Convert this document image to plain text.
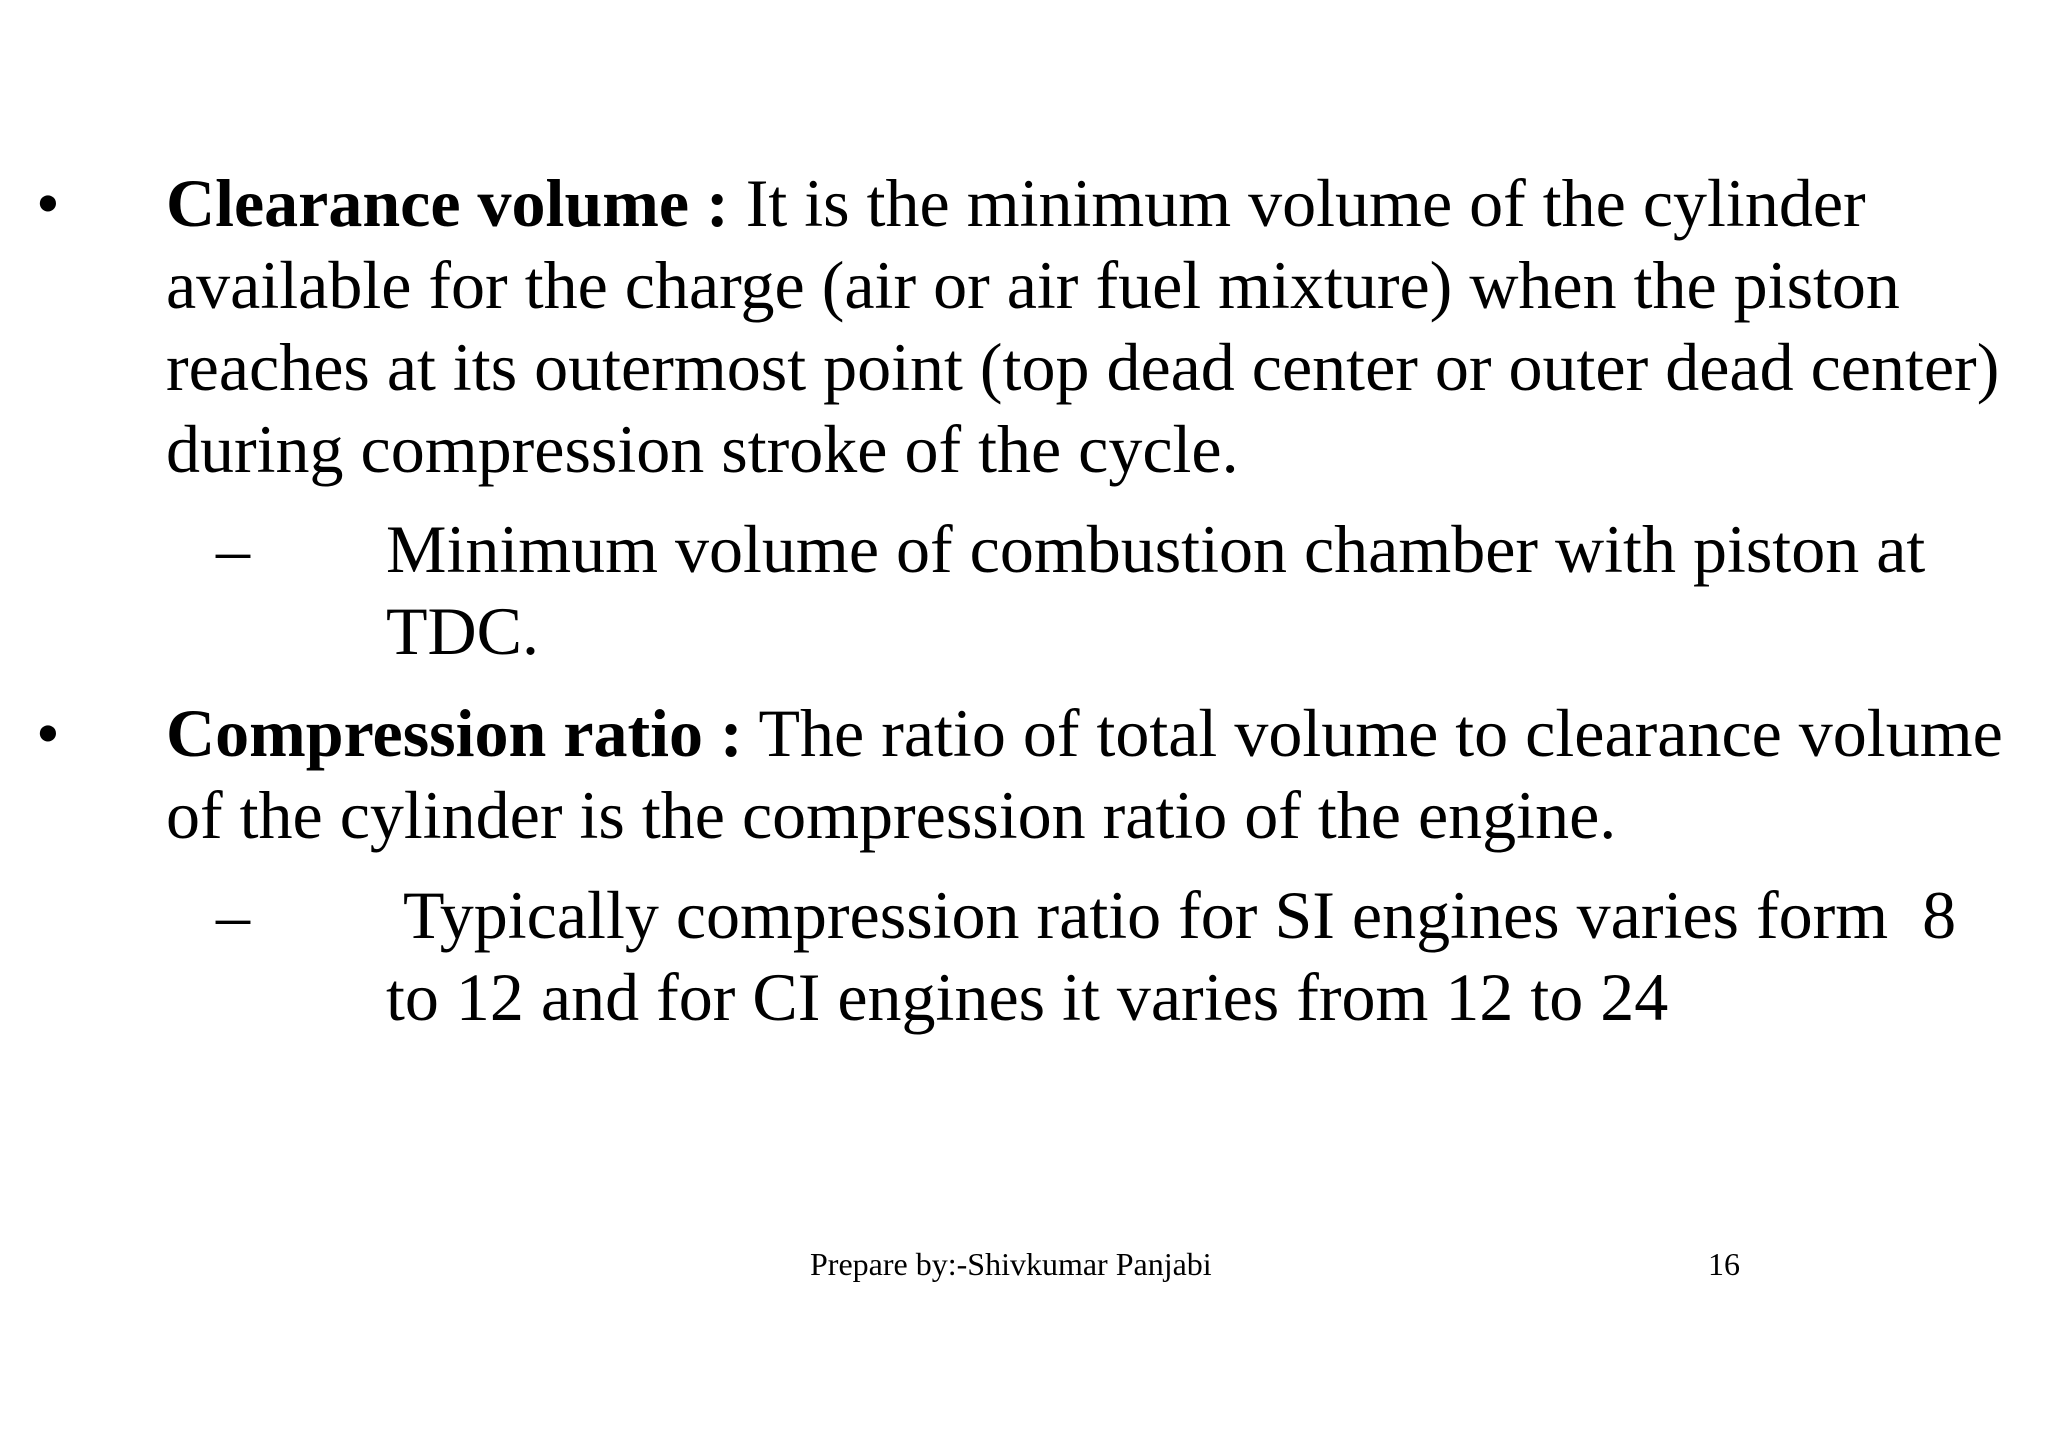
• Clearance volume : It is the minimum volume of the cylinder available for the charge (air or air fuel mixture) when the piston reaches at its outermost point (top dead center or outer dead center) during compression stroke of the cycle.
– Minimum volume of combustion chamber with piston at TDC.
• Compression ratio : The ratio of total volume to clearance volume of the cylinder is the compression ratio of the engine.
– Typically compression ratio for SI engines varies form  8 to 12 and for CI engines it varies from 12 to 24
Prepare by:-Shivkumar Panjabi	16
